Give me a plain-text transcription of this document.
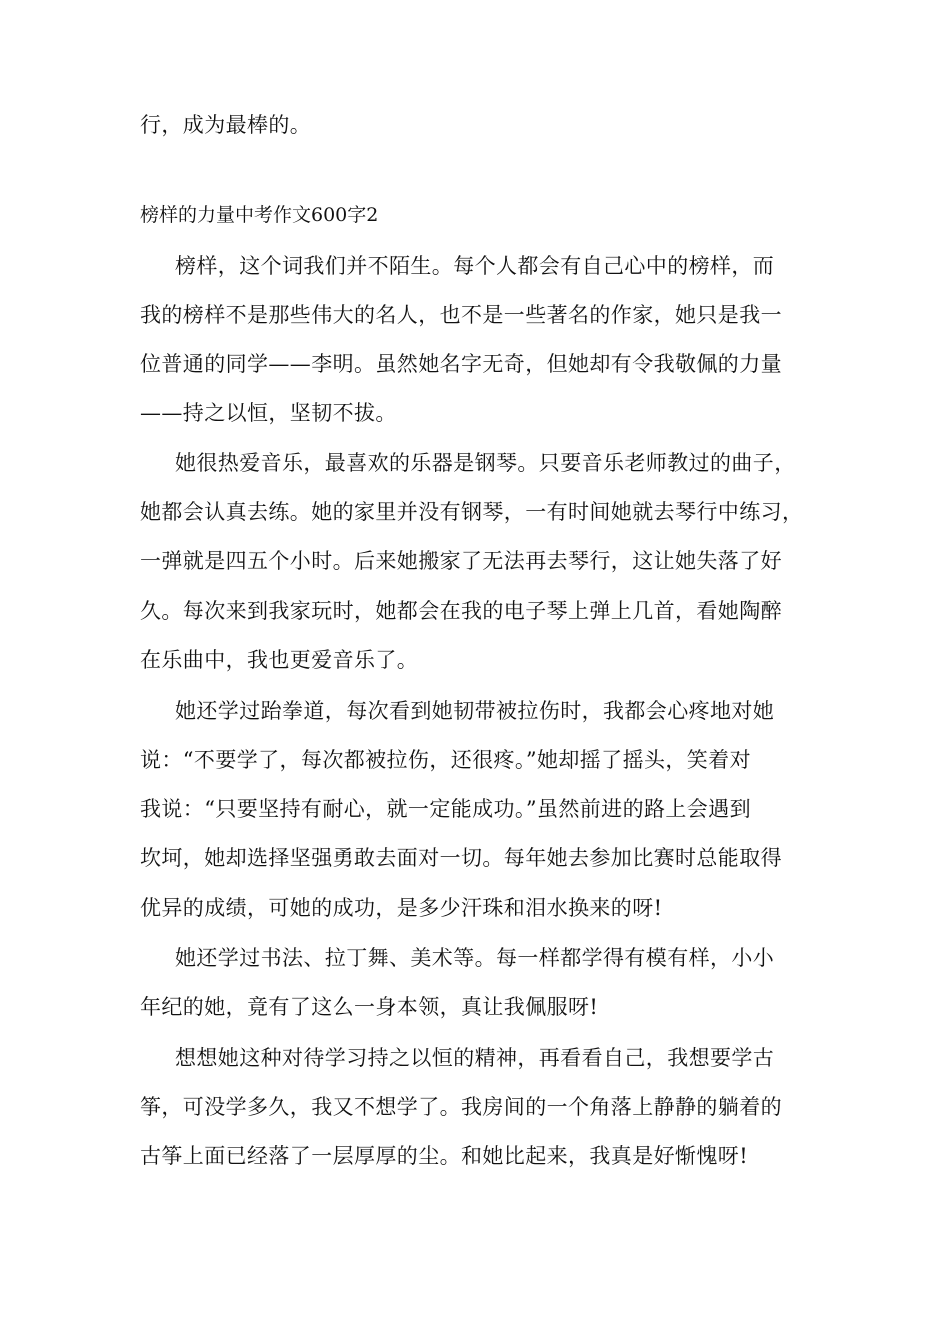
行，成为最棒的。
榜样的力量中考作文600字2
榜样，这个词我们并不陌生。每个人都会有自己心中的榜样，而
我的榜样不是那些伟大的名人，也不是一些著名的作家，她只是我一
位普通的同学——李明。虽然她名字无奇，但她却有令我敬佩的力量
——持之以恒，坚韧不拔。
她很热爱音乐，最喜欢的乐器是钢琴。只要音乐老师教过的曲子，
她都会认真去练。她的家里并没有钢琴，一有时间她就去琴行中练习，
一弹就是四五个小时。后来她搬家了无法再去琴行，这让她失落了好
久。每次来到我家玩时，她都会在我的电子琴上弹上几首，看她陶醉
在乐曲中，我也更爱音乐了。
她还学过跆拳道，每次看到她韧带被拉伤时，我都会心疼地对她
说：“不要学了，每次都被拉伤，还很疼。”她却摇了摇头，笑着对
我说：“只要坚持有耐心，就一定能成功。”虽然前进的路上会遇到
坎坷，她却选择坚强勇敢去面对一切。每年她去参加比赛时总能取得
优异的成绩，可她的成功，是多少汗珠和泪水换来的呀!
她还学过书法、拉丁舞、美术等。每一样都学得有模有样，小小
年纪的她，竟有了这么一身本领，真让我佩服呀!
想想她这种对待学习持之以恒的精神，再看看自己，我想要学古
筝，可没学多久，我又不想学了。我房间的一个角落上静静的躺着的
古筝上面已经落了一层厚厚的尘。和她比起来，我真是好惭愧呀!
